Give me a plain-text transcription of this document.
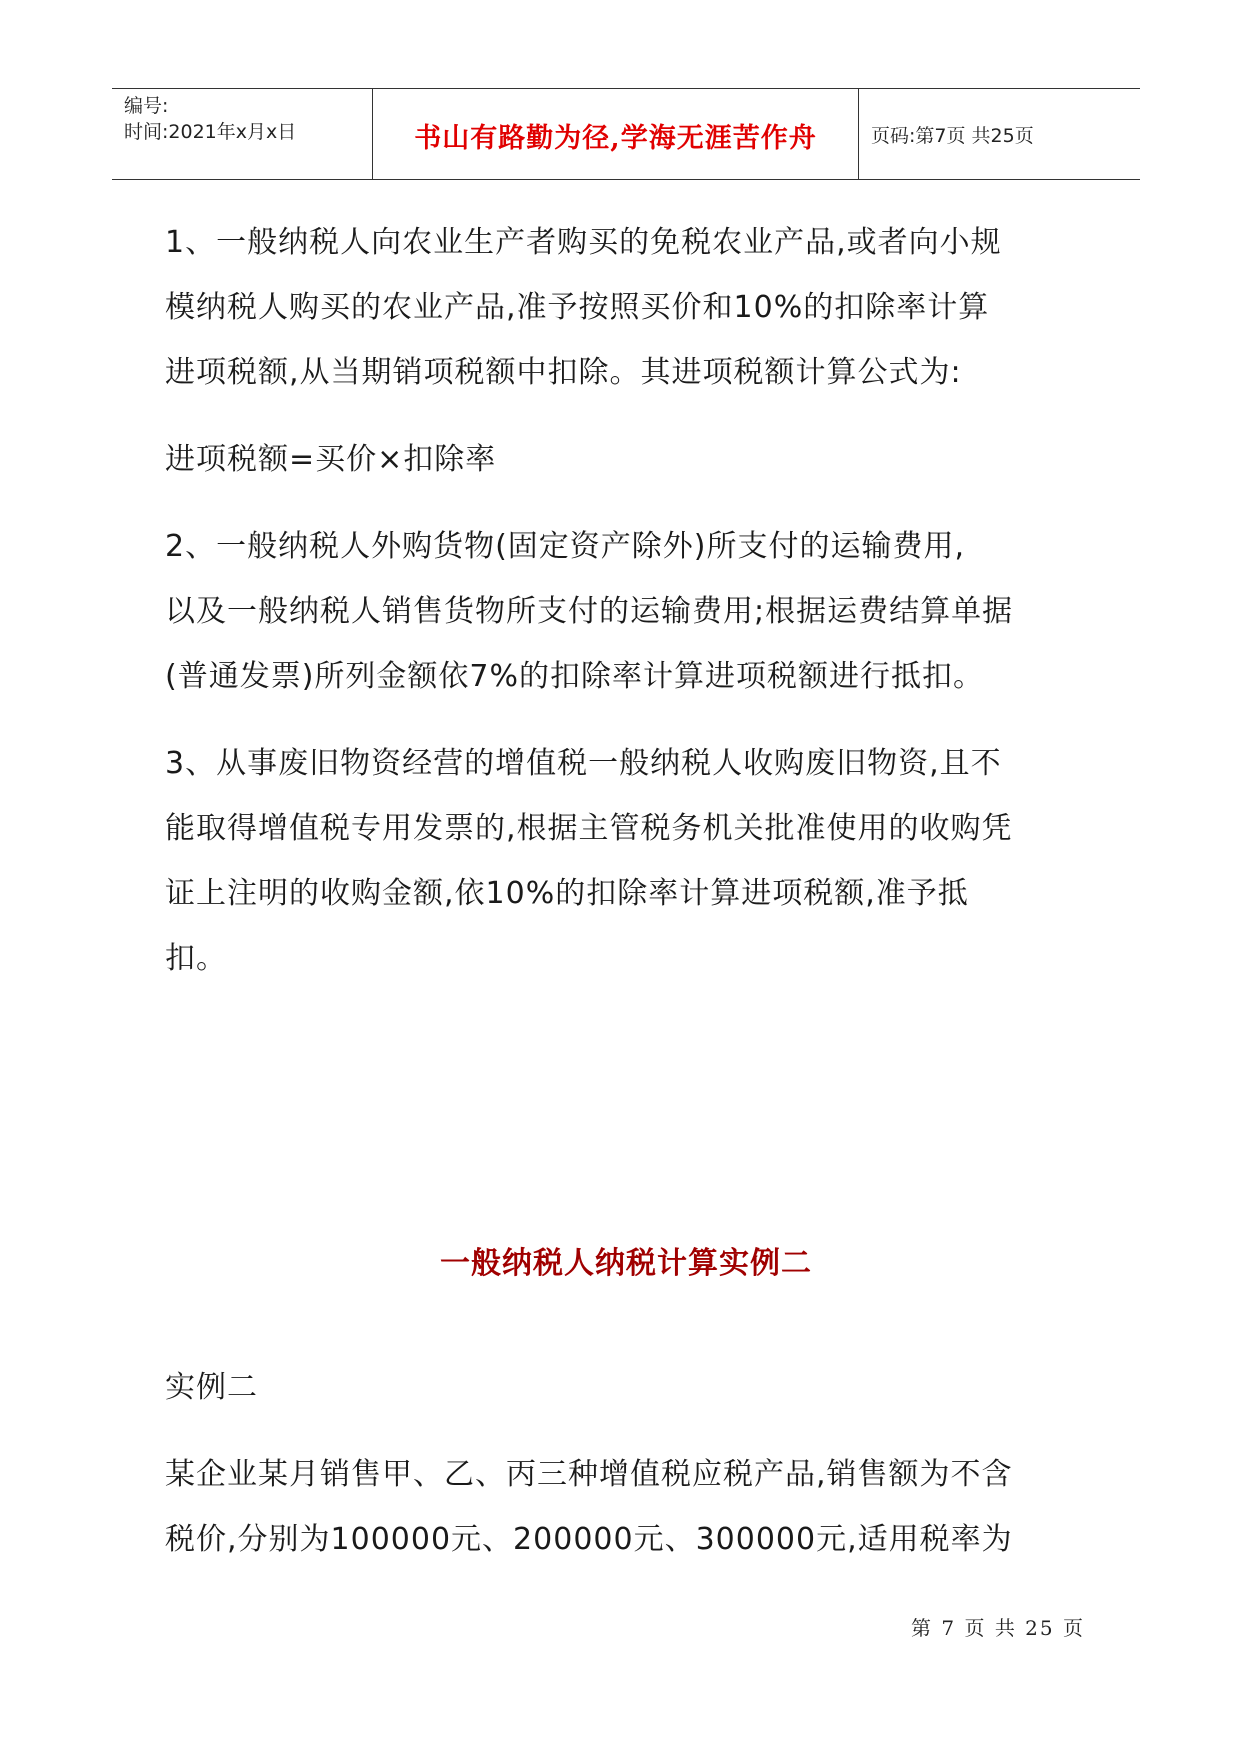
编号:
时间:2021年x月x日	书山有路勤为径,学海无涯苦作舟	页码:第7页 共25页

1、一般纳税人向农业生产者购买的免税农业产品,或者向小规

模纳税人购买的农业产品,准予按照买价和10%的扣除率计算

进项税额,从当期销项税额中扣除。其进项税额计算公式为:

进项税额=买价×扣除率

2、一般纳税人外购货物(固定资产除外)所支付的运输费用,

以及一般纳税人销售货物所支付的运输费用;根据运费结算单据

(普通发票)所列金额依7%的扣除率计算进项税额进行抵扣。

3、从事废旧物资经营的增值税一般纳税人收购废旧物资,且不

能取得增值税专用发票的,根据主管税务机关批准使用的收购凭

证上注明的收购金额,依10%的扣除率计算进项税额,准予抵

扣。

一般纳税人纳税计算实例二

实例二

某企业某月销售甲、乙、丙三种增值税应税产品,销售额为不含

税价,分别为100000元、200000元、300000元,适用税率为

第 7 页 共 25 页
